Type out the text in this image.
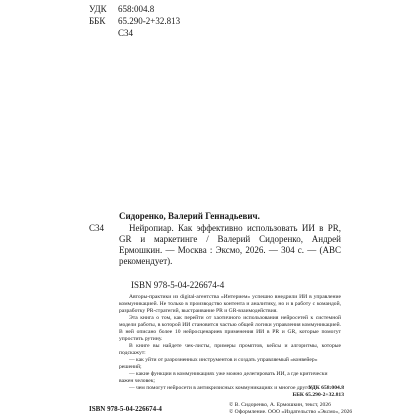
УДК	658:004.8
ББК	65.290-2+32.813
С34
Сидоренко, Валерий Геннадьевич.
С34	Нейропиар. Как эффективно использовать ИИ в PR, GR и маркетинге / Валерий Сидоренко, Андрей Ермошкин. — Москва : Эксмо, 2026. — 304 с. — (АВС рекомендует).
ISBN 978-5-04-226674-4

Авторы-практики из digital-агентства «Интерием» успешно внедрили ИИ в управление коммуникацией. Не только в производство контента и аналитику, но и в работу с командой, разработку PR-стратегий, выстраивание PR и GR-взаимодействия.

Эта книга о том, как перейти от хаотичного использования нейросетей к системной модели работы, в которой ИИ становится частью общей логики управления коммуникацией. В ней описано более 10 нейросценариев применения ИИ в PR и GR, которые помогут упростить рутину.

В книге вы найдете чек-листы, примеры промптов, кейсы и алгоритмы, которые подскажут:

— как уйти от разрозненных инструментов и создать управляемый «конвейер» решений;
— какие функции в коммуникациях уже можно делегировать ИИ, а где критически важен человек;
— чем помогут нейросети в антикризисных коммуникациях и многое другое.
УДК 658:004.8
ББК 65.290-2+32.813
ISBN 978-5-04-226674-4	© В. Сидоренко, А. Ермошкин, текст, 2026
© Оформление. ООО «Издательство «Эксмо», 2026
